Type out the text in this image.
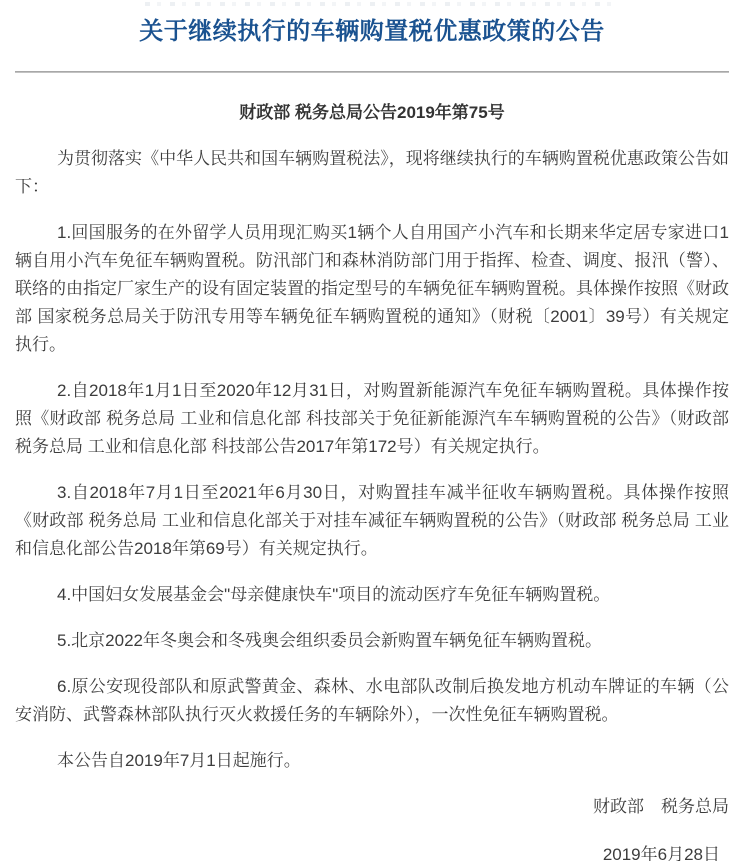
关于继续执行的车辆购置税优惠政策的公告
财政部 税务总局公告2019年第75号

为贯彻落实《中华人民共和国车辆购置税法》，现将继续执行的车辆购置税优惠政策公告如下：

1.回国服务的在外留学人员用现汇购买1辆个人自用国产小汽车和长期来华定居专家进口1辆自用小汽车免征车辆购置税。防汛部门和森林消防部门用于指挥、检查、调度、报汛（警）、联络的由指定厂家生产的设有固定装置的指定型号的车辆免征车辆购置税。具体操作按照《财政部 国家税务总局关于防汛专用等车辆免征车辆购置税的通知》（财税〔2001〕39号）有关规定执行。

2.自2018年1月1日至2020年12月31日，对购置新能源汽车免征车辆购置税。具体操作按照《财政部 税务总局 工业和信息化部 科技部关于免征新能源汽车车辆购置税的公告》（财政部 税务总局 工业和信息化部 科技部公告2017年第172号）有关规定执行。

3.自2018年7月1日至2021年6月30日，对购置挂车减半征收车辆购置税。具体操作按照《财政部 税务总局 工业和信息化部关于对挂车减征车辆购置税的公告》（财政部 税务总局 工业和信息化部公告2018年第69号）有关规定执行。

4.中国妇女发展基金会"母亲健康快车"项目的流动医疗车免征车辆购置税。

5.北京2022年冬奥会和冬残奥会组织委员会新购置车辆免征车辆购置税。

6.原公安现役部队和原武警黄金、森林、水电部队改制后换发地方机动车牌证的车辆（公安消防、武警森林部队执行灭火救援任务的车辆除外），一次性免征车辆购置税。

本公告自2019年7月1日起施行。

财政部　税务总局
2019年6月28日
